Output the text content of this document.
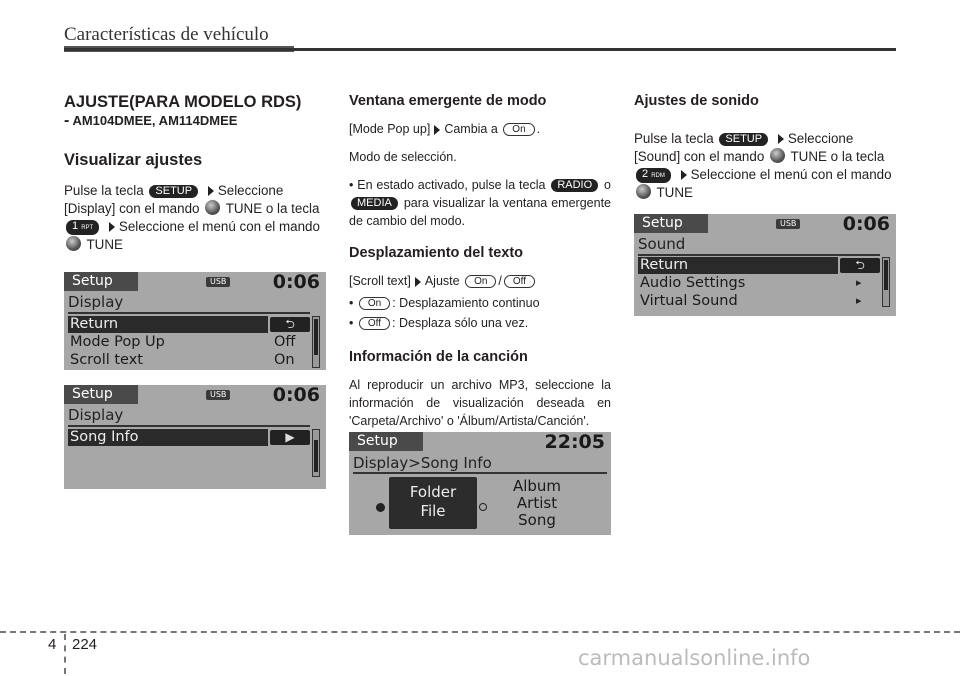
Características de vehículo
AJUSTE(PARA MODELO RDS)
- AM104DMEE, AM114DMEE
Visualizar ajustes

Pulse la tecla SETUP Seleccione [Display] con el mando TUNE o la tecla 1 RPT Seleccione el menú con el mando  TUNE

Setup	USB 0:06
Display
Return	⮌
Mode Pop Up	Off
Scroll text	On
Setup	USB 0:06
Display
Song Info	▶
Ventana emergente de modo

[Mode Pop up] Cambia a On .

Modo de selección.

• En estado activado, pulse la tecla RADIO o MEDIA para visualizar la ventana emergente de cambio del modo.

Desplazamiento del texto

[Scroll text] Ajuste On / Off

• On : Desplazamiento continuo

• Off : Desplaza sólo una vez.

Información de la canción

Al reproducir un archivo MP3, seleccione la información de visualización deseada en 'Carpeta/Archivo' o 'Álbum/Artista/Canción'.

Setup	22:05
Display>Song Info
Folder
File
Album
Artist
Song
Ajustes de sonido

Pulse la tecla SETUP Seleccione [Sound] con el mando TUNE o la tecla 2 RDM Seleccione el menú con el mando  TUNE

Setup	USB 0:06
Sound
Return	⮌
Audio Settings	▸
Virtual Sound	▸
4 224
carmanualsonline.info
